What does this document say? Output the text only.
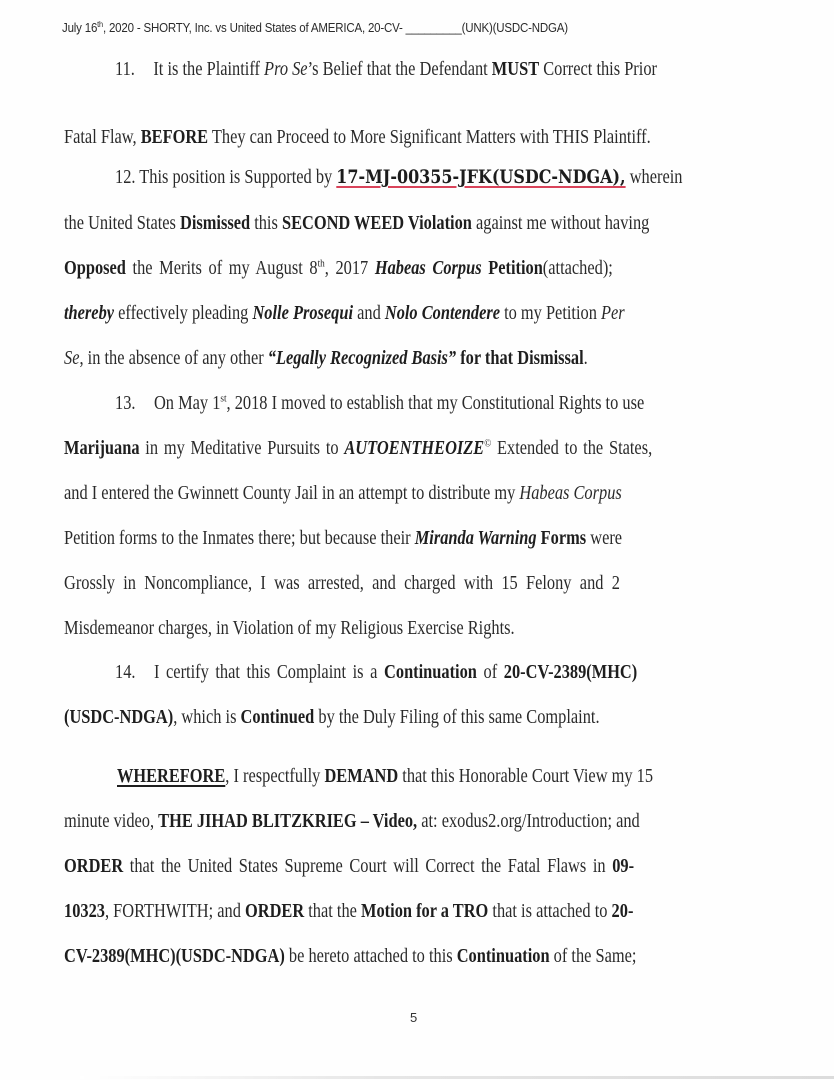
July 16th, 2020 - SHORTY, Inc. vs United States of AMERICA, 20-CV- _________(UNK)(USDC-NDGA)
11. It is the Plaintiff Pro Se’s Belief that the Defendant MUST Correct this Prior
Fatal Flaw, BEFORE They can Proceed to More Significant Matters with THIS Plaintiff.
12. This position is Supported by 17-MJ-00355-JFK(USDC-NDGA), wherein
the United States Dismissed this SECOND WEED Violation against me without having
Opposed the Merits of my August 8th, 2017 Habeas Corpus Petition(attached);
thereby effectively pleading Nolle Prosequi and Nolo Contendere to my Petition Per
Se, in the absence of any other “Legally Recognized Basis” for that Dismissal.
13. On May 1st, 2018 I moved to establish that my Constitutional Rights to use
Marijuana in my Meditative Pursuits to AUTOENTHEOIZE© Extended to the States,
and I entered the Gwinnett County Jail in an attempt to distribute my Habeas Corpus
Petition forms to the Inmates there; but because their Miranda Warning Forms were
Grossly in Noncompliance, I was arrested, and charged with 15 Felony and 2
Misdemeanor charges, in Violation of my Religious Exercise Rights.
14. I certify that this Complaint is a Continuation of 20-CV-2389(MHC)
(USDC-NDGA), which is Continued by the Duly Filing of this same Complaint.
WHEREFORE, I respectfully DEMAND that this Honorable Court View my 15
minute video, THE JIHAD BLITZKRIEG – Video, at: exodus2.org/Introduction; and
ORDER that the United States Supreme Court will Correct the Fatal Flaws in 09-
10323, FORTHWITH; and ORDER that the Motion for a TRO that is attached to 20-
CV-2389(MHC)(USDC-NDGA) be hereto attached to this Continuation of the Same;
5
